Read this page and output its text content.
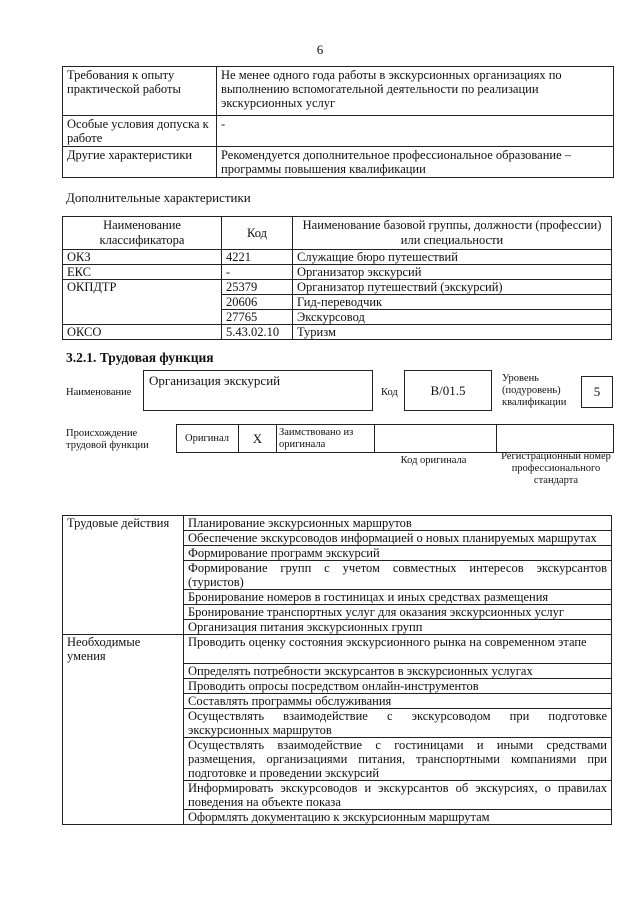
6
Требования к опыту практической работы	Не менее одного года работы в экскурсионных организациях по выполнению вспомогательной деятельности по реализации экскурсионных услуг
Особые условия допуска к работе	-
Другие характеристики	Рекомендуется дополнительное профессиональное образование – программы повышения квалификации
Дополнительные характеристики
Наименование классификатора	Код	Наименование базовой группы, должности (профессии) или специальности
ОКЗ	4221	Служащие бюро путешествий
ЕКС	-	Организатор экскурсий
ОКПДТР	25379	Организатор путешествий (экскурсий)
	20606	Гид-переводчик
	27765	Экскурсовод
ОКСО	5.43.02.10	Туризм
3.2.1. Трудовая функция
Наименование
Организация экскурсий
Код	B/01.5
Уровень (подуровень) квалификации
5
Происхождение трудовой функции
Оригинал X Заимствовано из оригинала
Код оригинала	Регистрационный номер профессионального стандарта
Трудовые действия	Планирование экскурсионных маршрутов
	Обеспечение экскурсоводов информацией о новых планируемых маршрутах
	Формирование программ экскурсий
	Формирование групп с учетом совместных интересов экскурсантов (туристов)
	Бронирование номеров в гостиницах и иных средствах размещения
	Бронирование транспортных услуг для оказания экскурсионных услуг
	Организация питания экскурсионных групп
Необходимые умения	Проводить оценку состояния экскурсионного рынка на современном этапе
	Определять потребности экскурсантов в экскурсионных услугах
	Проводить опросы посредством онлайн-инструментов
	Составлять программы обслуживания
	Осуществлять взаимодействие с экскурсоводом при подготовке экскурсионных маршрутов
	Осуществлять взаимодействие с гостиницами и иными средствами размещения, организациями питания, транспортными компаниями при подготовке и проведении экскурсий
	Информировать экскурсоводов и экскурсантов об экскурсиях, о правилах поведения на объекте показа
	Оформлять документацию к экскурсионным маршрутам
